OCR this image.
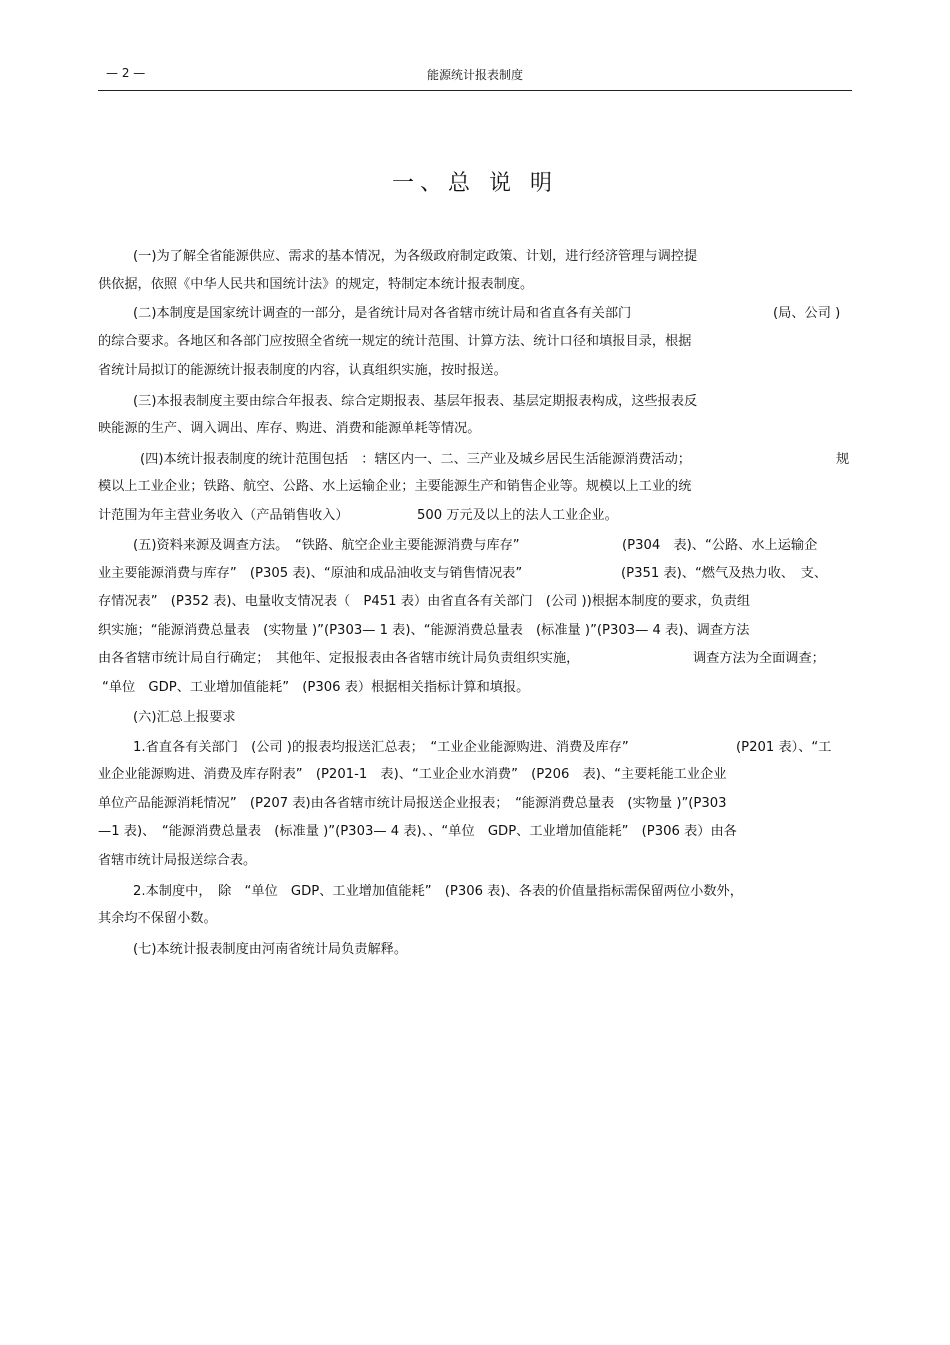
— 2 —	能源统计报表制度
一、总 说 明
(一)为了解全省能源供应、需求的基本情况，为各级政府制定政策、计划，进行经济管理与调控提
供依据，依照《中华人民共和国统计法》的规定，特制定本统计报表制度。
(二)本制度是国家统计调查的一部分，是省统计局对各省辖市统计局和省直各有关部门	(局、公司 )
的综合要求。各地区和各部门应按照全省统一规定的统计范围、计算方法、统计口径和填报目录，根据
省统计局拟订的能源统计报表制度的内容，认真组织实施，按时报送。
(三)本报表制度主要由综合年报表、综合定期报表、基层年报表、基层定期报表构成，这些报表反
映能源的生产、调入调出、库存、购进、消费和能源单耗等情况。
(四)本统计报表制度的统计范围包括　：辖区内一、二、三产业及城乡居民生活能源消费活动；	规
模以上工业企业；铁路、航空、公路、水上运输企业；主要能源生产和销售企业等。规模以上工业的统
计范围为年主营业务收入（产品销售收入）	500 万元及以上的法人工业企业。
(五)资料来源及调查方法。　“铁路、航空企业主要能源消费与库存”	(P304　表)、“公路、水上运输企
业主要能源消费与库存”　(P305 表)、“原油和成品油收支与销售情况表”	(P351 表)、“燃气及热力收、　支、
存情况表”　(P352 表)、电量收支情况表（　P451 表）由省直各有关部门　(公司 ))根据本制度的要求，负责组
织实施；“能源消费总量表　(实物量 )”(P303— 1 表)、“能源消费总量表　(标准量 )”(P303— 4 表)、调查方法
由各省辖市统计局自行确定；　其他年、定报报表由各省辖市统计局负责组织实施，	调查方法为全面调查；
“单位　GDP、工业增加值能耗”　(P306 表）根据相关指标计算和填报。
(六)汇总上报要求
1.省直各有关部门　(公司 )的报表均报送汇总表；　“工业企业能源购进、消费及库存”	(P201 表）、“工
业企业能源购进、消费及库存附表”　(P201-1　表)、“工业企业水消费”　(P206　表)、“主要耗能工业企业
单位产品能源消耗情况”　(P207 表)由各省辖市统计局报送企业报表；　“能源消费总量表　(实物量 )”(P303
—1 表)、　“能源消费总量表　(标准量 )”(P303— 4 表)、、“单位　GDP、工业增加值能耗”　(P306 表）由各
省辖市统计局报送综合表。
2.本制度中，　除　“单位　GDP、工业增加值能耗”　(P306 表)、各表的价值量指标需保留两位小数外，
其余均不保留小数。
(七)本统计报表制度由河南省统计局负责解释。
